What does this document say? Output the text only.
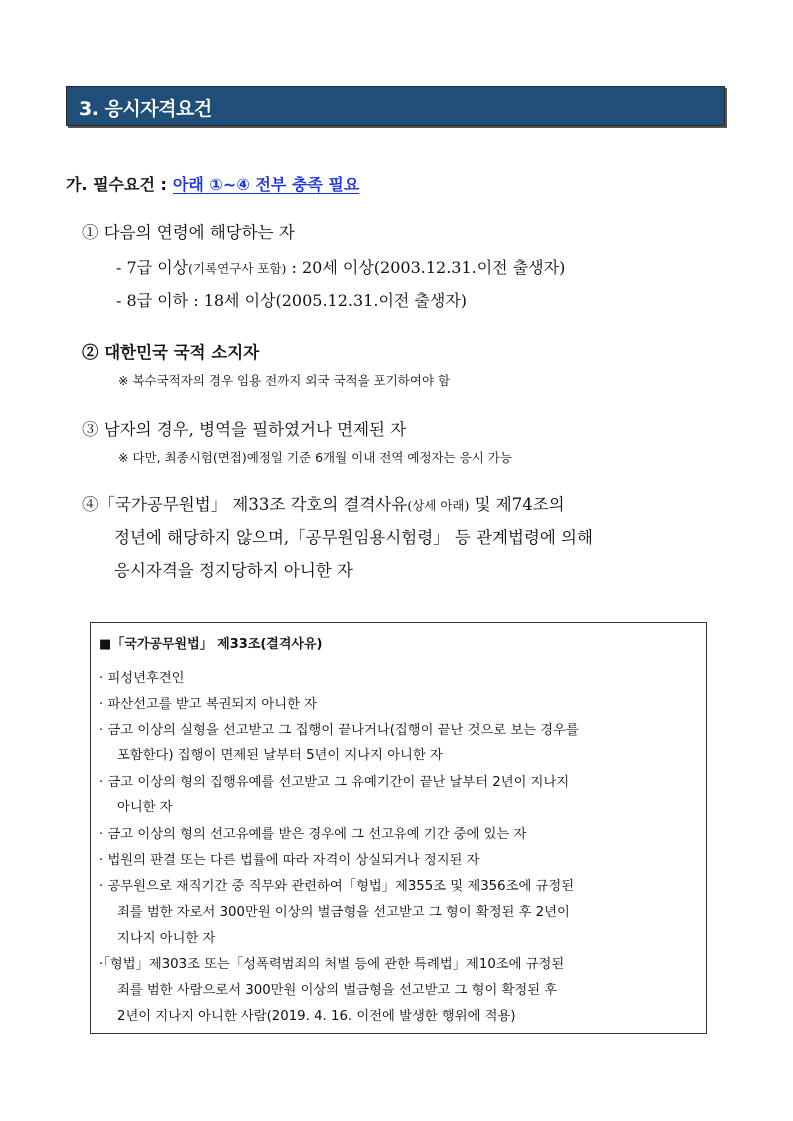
3. 응시자격요건
가. 필수요건 : 아래 ①~④ 전부 충족 필요
① 다음의 연령에 해당하는 자
- 7급 이상(기록연구사 포함) : 20세 이상(2003.12.31.이전 출생자)
- 8급 이하 : 18세 이상(2005.12.31.이전 출생자)
② 대한민국 국적 소지자
※ 복수국적자의 경우 임용 전까지 외국 국적을 포기하여야 함
③ 남자의 경우, 병역을 필하였거나 면제된 자
※ 다만, 최종시험(면접)예정일 기준 6개월 이내 전역 예정자는 응시 가능
④「국가공무원법」 제33조 각호의 결격사유(상세 아래) 및 제74조의
정년에 해당하지 않으며,「공무원임용시험령」 등 관계법령에 의해
응시자격을 정지당하지 아니한 자
■「국가공무원법」 제33조(결격사유)
· 피성년후견인
· 파산선고를 받고 복권되지 아니한 자
· 금고 이상의 실형을 선고받고 그 집행이 끝나거나(집행이 끝난 것으로 보는 경우를
포함한다) 집행이 면제된 날부터 5년이 지나지 아니한 자
· 금고 이상의 형의 집행유예를 선고받고 그 유예기간이 끝난 날부터 2년이 지나지
아니한 자
· 금고 이상의 형의 선고유예를 받은 경우에 그 선고유예 기간 중에 있는 자
· 법원의 판결 또는 다른 법률에 따라 자격이 상실되거나 정지된 자
· 공무원으로 재직기간 중 직무와 관련하여「형법」제355조 및 제356조에 규정된
죄를 범한 자로서 300만원 이상의 벌금형을 선고받고 그 형이 확정된 후 2년이
지나지 아니한 자
·「형법」제303조 또는「성폭력범죄의 처벌 등에 관한 특례법」제10조에 규정된
죄를 범한 사람으로서 300만원 이상의 벌금형을 선고받고 그 형이 확정된 후
2년이 지나지 아니한 사람(2019. 4. 16. 이전에 발생한 행위에 적용)
